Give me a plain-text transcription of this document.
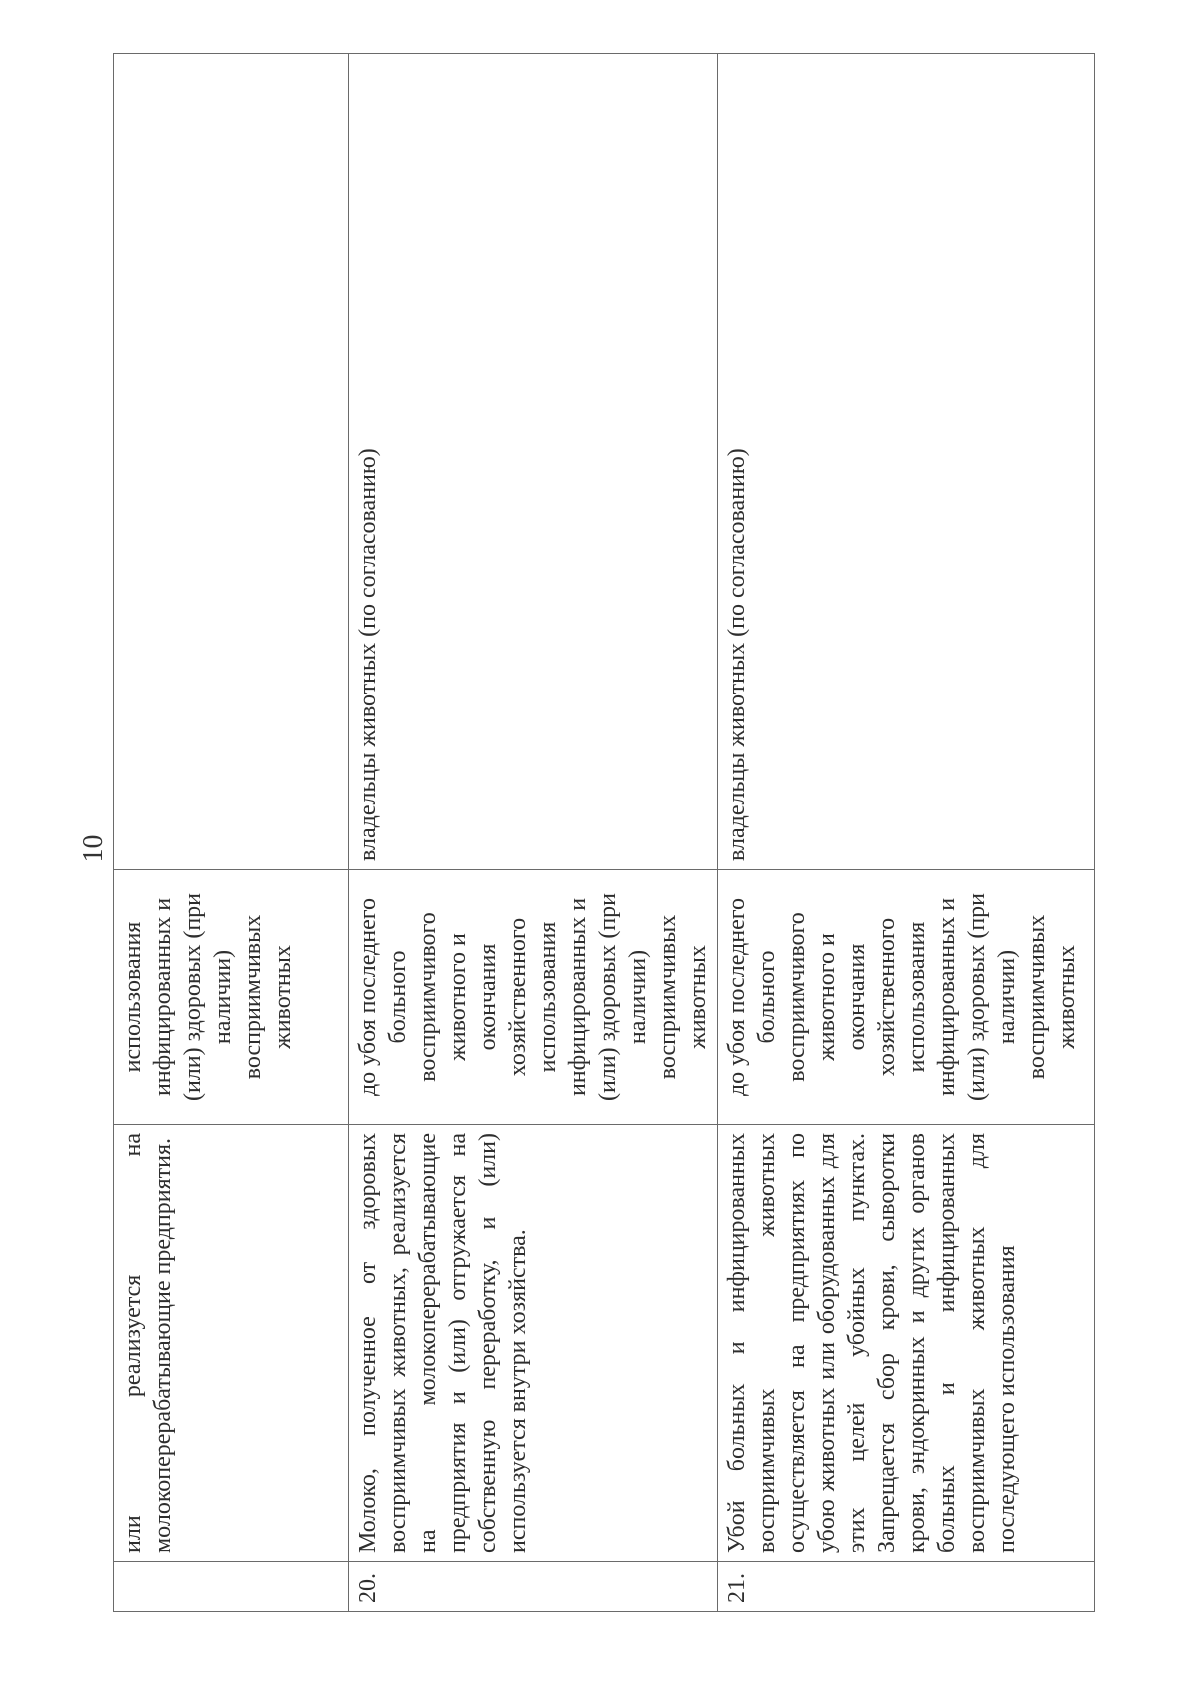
10
	или реализуется на молокоперерабатывающие предприятия.	использования инфицированных и (или) здоровых (при наличии) восприимчивых животных	
20.	Молоко, полученное от здоровых восприимчивых животных, реализуется на молокоперерабатывающие предприятия и (или) отгружается на собственную переработку, и (или) используется внутри хозяйства.	до убоя последнего больного восприимчивого животного и окончания хозяйственного использования инфицированных и (или) здоровых (при наличии) восприимчивых животных	владельцы животных (по согласованию)
21.	Убой больных и инфицированных восприимчивых животных осуществляется на предприятиях по убою животных или оборудованных для этих целей убойных пунктах. Запрещается сбор крови, сыворотки крови, эндокринных и других органов больных и инфицированных восприимчивых животных для последующего использования	до убоя последнего больного восприимчивого животного и окончания хозяйственного использования инфицированных и (или) здоровых (при наличии) восприимчивых животных	владельцы животных (по согласованию)
